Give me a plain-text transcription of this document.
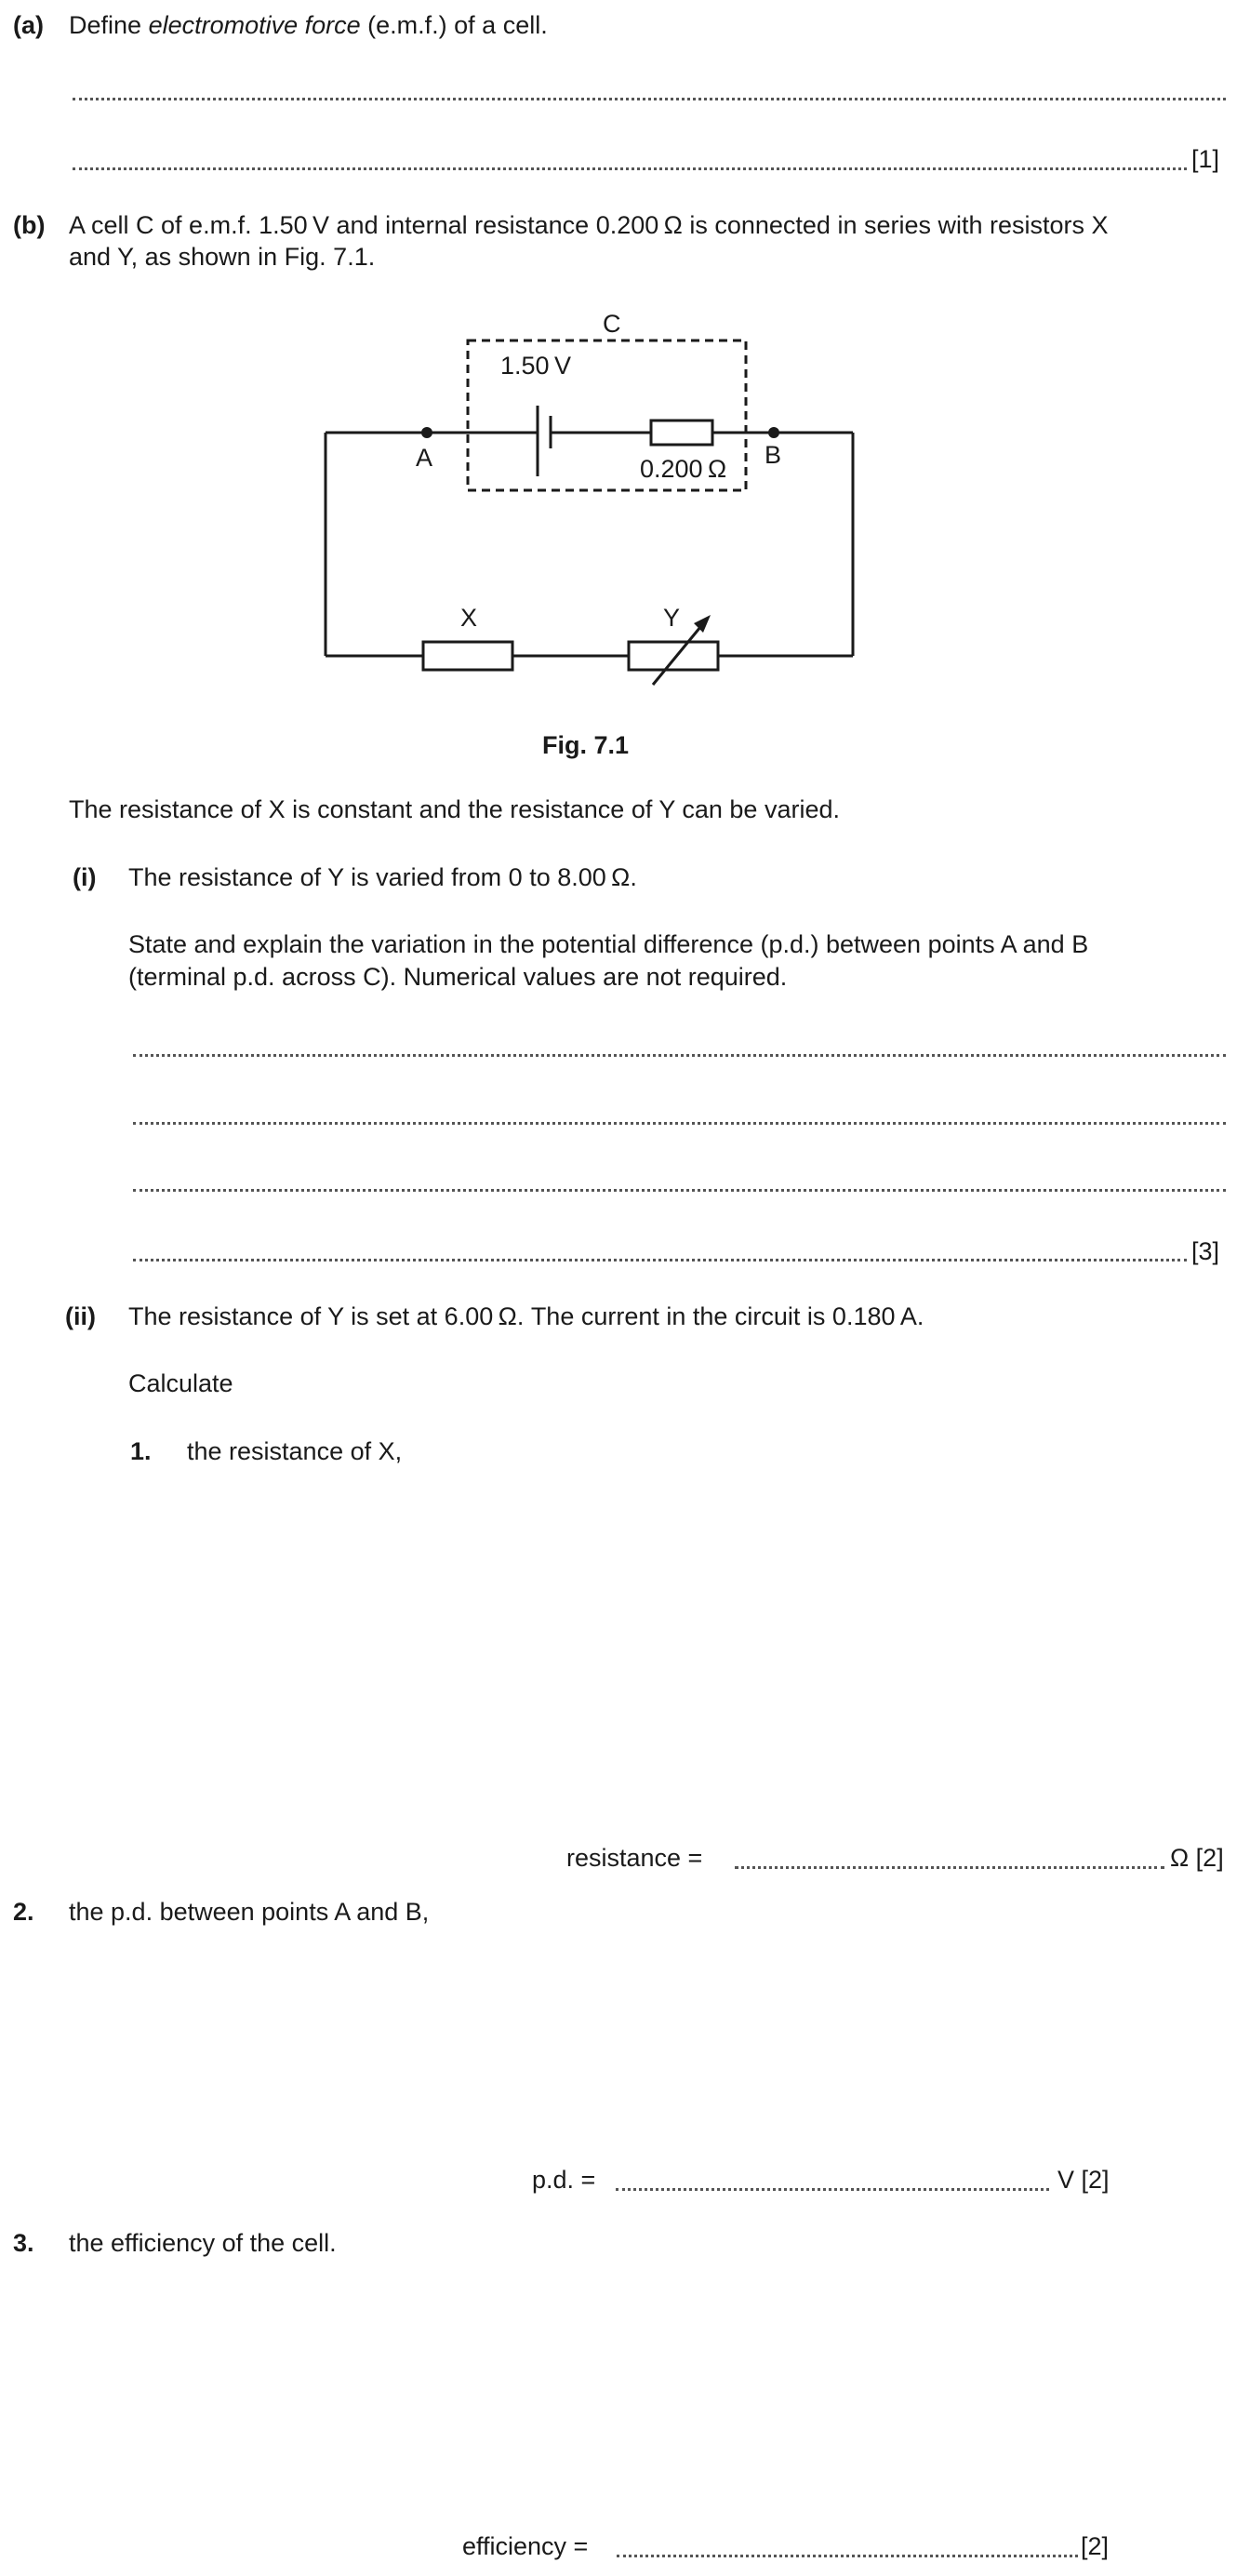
(a) Define electromotive force (e.m.f.) of a cell.
[1]
(b) A cell C of e.m.f. 1.50 V and internal resistance 0.200 Ω is connected in series with resistors X
and Y, as shown in Fig. 7.1.
C
1.50 V
0.200 Ω
A	B
X	Y
Fig. 7.1
The resistance of X is constant and the resistance of Y can be varied.
(i) The resistance of Y is varied from 0 to 8.00 Ω.
State and explain the variation in the potential difference (p.d.) between points A and B
(terminal p.d. across C). Numerical values are not required.
[3]
(ii) The resistance of Y is set at 6.00 Ω. The current in the circuit is 0.180 A.
Calculate
1. the resistance of X,
resistance =	Ω [2]
2. the p.d. between points A and B,
p.d. =	V [2]
3. the efficiency of the cell.
efficiency =	[2]
